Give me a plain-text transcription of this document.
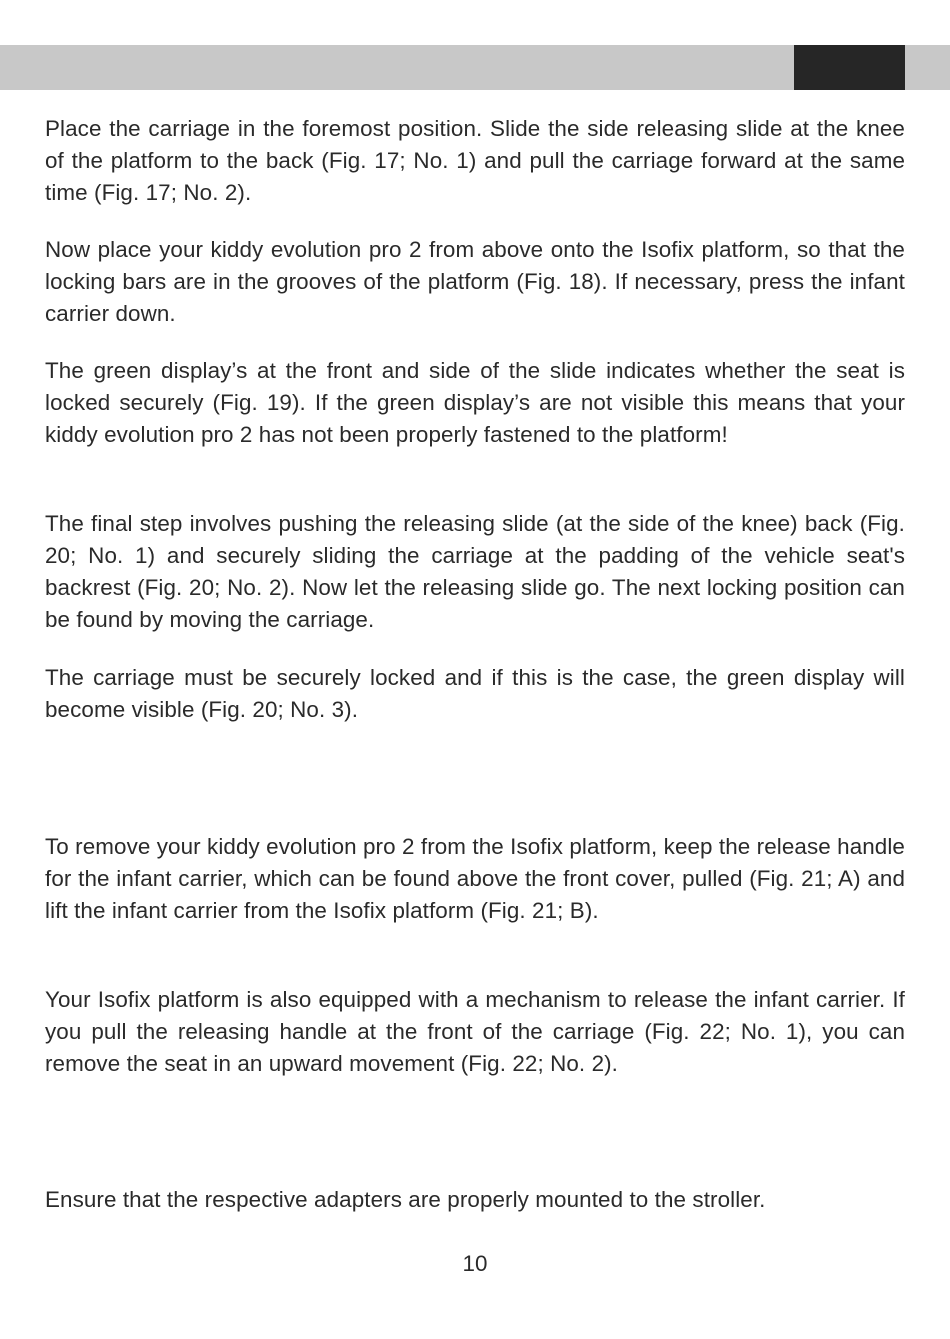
Place the carriage in the foremost position. Slide the side releasing slide at the knee of the platform to the back (Fig. 17; No. 1) and pull the carriage forward at the same time (Fig. 17; No. 2).

Now place your kiddy evolution pro 2 from above onto the Isofix platform, so that the locking bars are in the grooves of the platform (Fig. 18). If necessary, press the infant carrier down.

The green display’s at the front and side of the slide indicates whether the seat is locked securely (Fig. 19). If the green display’s are not visible this means that your kiddy evolution pro 2 has not been properly fastened to the platform!

The final step involves pushing the releasing slide (at the side of the knee) back (Fig. 20; No. 1) and securely sliding the carriage at the padding of the vehicle seat's backrest (Fig. 20; No. 2). Now let the releasing slide go. The next locking position can be found by moving the carriage.

The carriage must be securely locked and if this is the case, the green display will become visible (Fig. 20; No. 3).

To remove your kiddy evolution pro 2 from the Isofix platform, keep the release handle for the infant carrier, which can be found above the front cover, pulled (Fig. 21; A) and lift the infant carrier from the Isofix platform (Fig. 21; B).

Your Isofix platform is also equipped with a mechanism to release the infant carrier. If you pull the releasing handle at the front of the carriage (Fig. 22; No. 1), you can remove the seat in an upward movement (Fig. 22; No. 2).

Ensure that the respective adapters are properly mounted to the stroller.

10
